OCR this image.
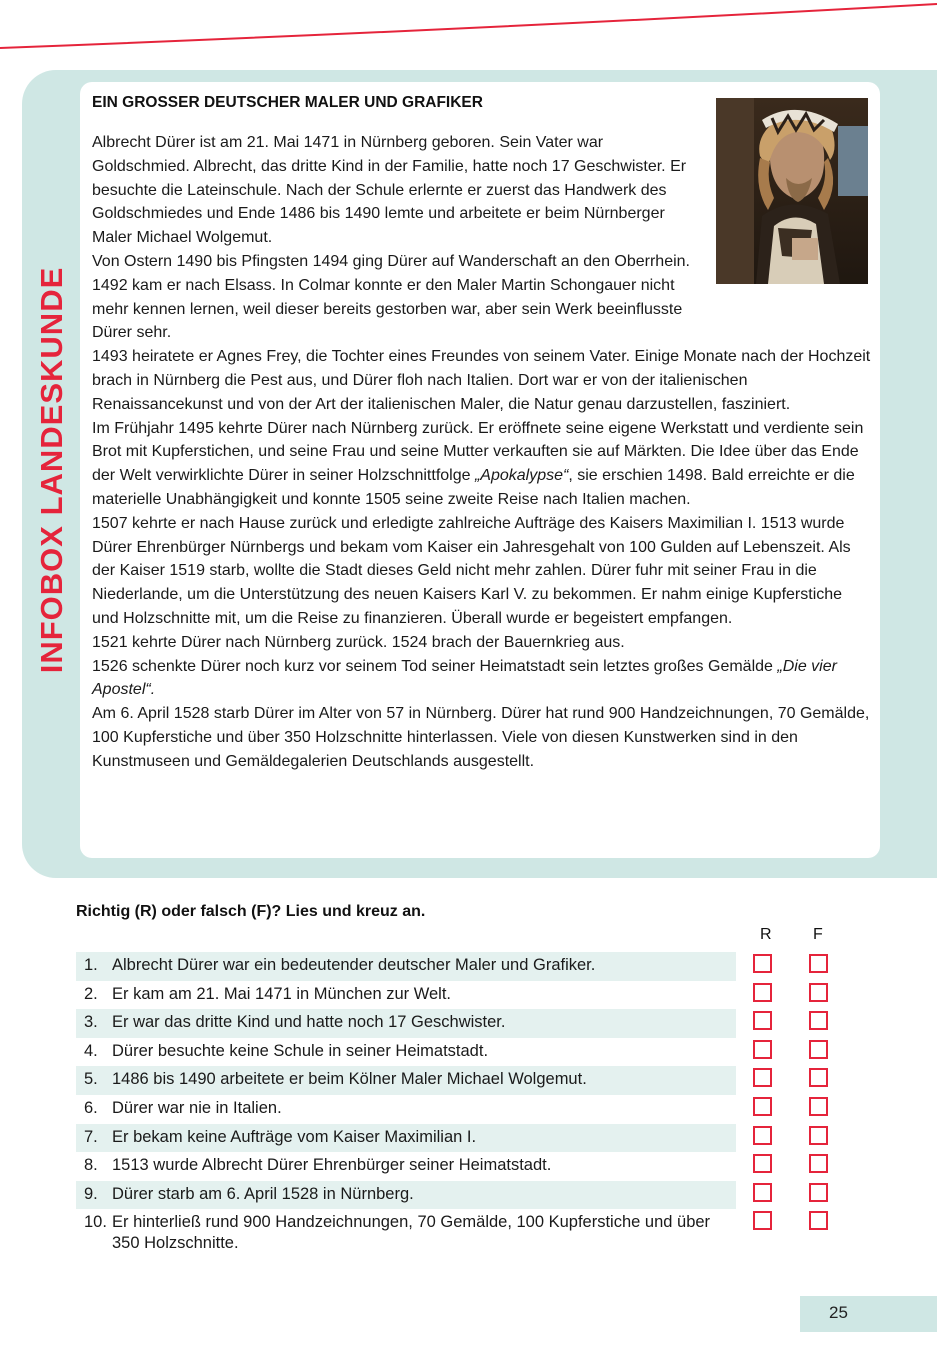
INFOBOX LANDESKUNDE
EIN GROSSER DEUTSCHER MALER UND GRAFIKER

Albrecht Dürer ist am 21. Mai 1471 in Nürnberg geboren. Sein Vater war Goldschmied. Albrecht, das dritte Kind in der Familie, hatte noch 17 Geschwister. Er besuchte die Lateinschule. Nach der Schule erlernte er zuerst das Handwerk des Goldschmiedes und Ende 1486 bis 1490 lemte und arbeitete er beim Nürnberger Maler Michael Wolgemut.

Von Ostern 1490 bis Pfingsten 1494 ging Dürer auf Wanderschaft an den Oberrhein. 1492 kam er nach Elsass. In Colmar konnte er den Maler Martin Schongauer nicht mehr kennen lernen, weil dieser bereits gestorben war, aber sein Werk beeinflusste Dürer sehr.

1493 heiratete er Agnes Frey, die Tochter eines Freundes von seinem Vater. Einige Monate nach der Hochzeit brach in Nürnberg die Pest aus, und Dürer floh nach Italien. Dort war er von der italienischen Renaissancekunst und von der Art der italienischen Maler, die Natur genau darzustellen, fasziniert.

Im Frühjahr 1495 kehrte Dürer nach Nürnberg zurück. Er eröffnete seine eigene Werkstatt und verdiente sein Brot mit Kupferstichen, und seine Frau und seine Mutter verkauften sie auf Märkten. Die Idee über das Ende der Welt verwirklichte Dürer in seiner Holzschnittfolge „Apokalypse“, sie erschien 1498. Bald erreichte er die materielle Unabhängigkeit und konnte 1505 seine zweite Reise nach Italien machen.

1507 kehrte er nach Hause zurück und erledigte zahlreiche Aufträge des Kaisers Maximilian I. 1513 wurde Dürer Ehrenbürger Nürnbergs und bekam vom Kaiser ein Jahresgehalt von 100 Gulden auf Lebenszeit. Als der Kaiser 1519 starb, wollte die Stadt dieses Geld nicht mehr zahlen. Dürer fuhr mit seiner Frau in die Niederlande, um die Unterstützung des neuen Kaisers Karl V. zu bekommen. Er nahm einige Kupferstiche und Holzschnitte mit, um die Reise zu finanzieren. Überall wurde er begeistert empfangen.

1521 kehrte Dürer nach Nürnberg zurück. 1524 brach der Bauernkrieg aus.

1526 schenkte Dürer noch kurz vor seinem Tod seiner Heimatstadt sein letztes großes Gemälde „Die vier Apostel“.

Am 6. April 1528 starb Dürer im Alter von 57 in Nürnberg. Dürer hat rund 900 Handzeichnungen, 70 Gemälde, 100 Kupferstiche und über 350 Holzschnitte hinterlassen. Viele von diesen Kunstwerken sind in den Kunstmuseen und Gemäldegalerien Deutschlands ausgestellt.

Richtig (R) oder falsch (F)? Lies und kreuz an.
R	F
1. Albrecht Dürer war ein bedeutender deutscher Maler und Grafiker.
2. Er kam am 21. Mai 1471 in München zur Welt.
3. Er war das dritte Kind und hatte noch 17 Geschwister.
4. Dürer besuchte keine Schule in seiner Heimatstadt.
5. 1486 bis 1490 arbeitete er beim Kölner Maler Michael Wolgemut.
6. Dürer war nie in Italien.
7. Er bekam keine Aufträge vom Kaiser Maximilian I.
8. 1513 wurde Albrecht Dürer Ehrenbürger seiner Heimatstadt.
9. Dürer starb am 6. April 1528 in Nürnberg.
10. Er hinterließ rund 900 Handzeichnungen, 70 Gemälde, 100 Kupferstiche und über 350 Holzschnitte.
25
